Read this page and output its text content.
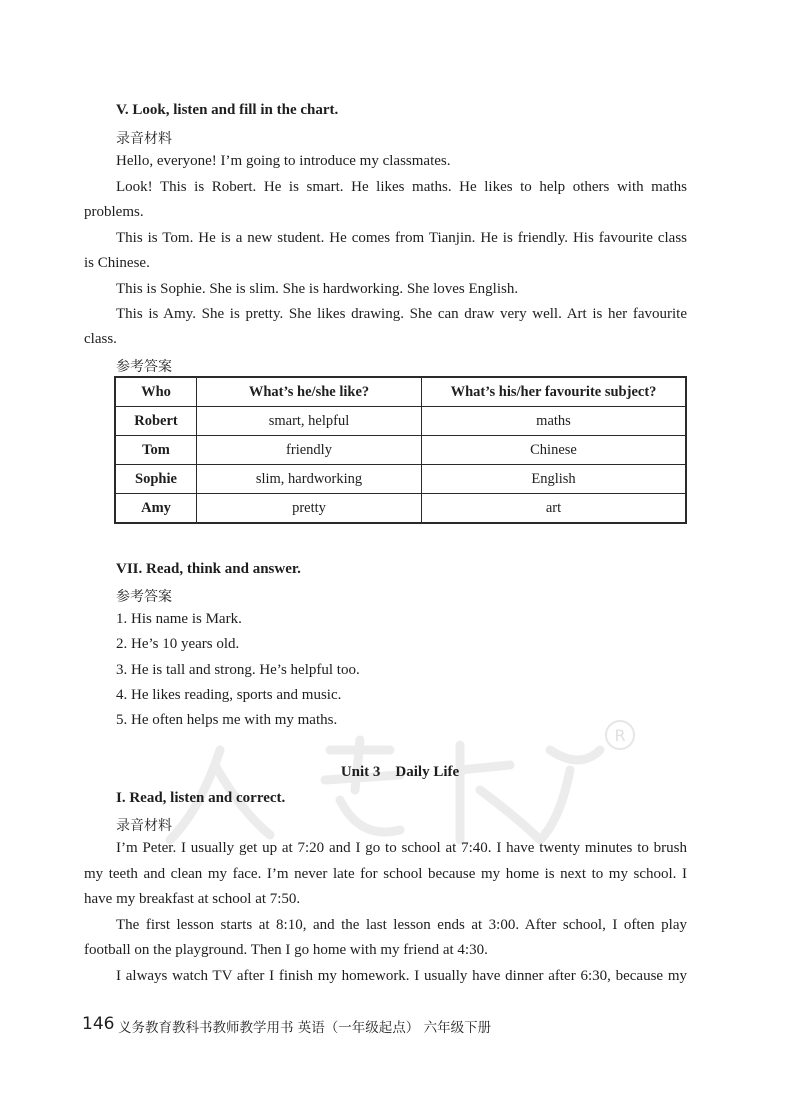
R
V. Look, listen and fill in the chart.
录音材料
Hello, everyone! I’m going to introduce my classmates.
Look! This is Robert. He is smart. He likes maths. He likes to help others with maths
problems.
This is Tom. He is a new student. He comes from Tianjin. He is friendly. His favourite class
is Chinese.
This is Sophie. She is slim. She is hardworking. She loves English.
This is Amy. She is pretty. She likes drawing. She can draw very well. Art is her favourite
class.
参考答案
Who	What’s he/she like?	What’s his/her favourite subject?
Robert	smart, helpful	maths
Tom	friendly	Chinese
Sophie	slim, hardworking	English
Amy	pretty	art
VII. Read, think and answer.
参考答案
1. His name is Mark.
2. He’s 10 years old.
3. He is tall and strong. He’s helpful too.
4. He likes reading, sports and music.
5. He often helps me with my maths.
Unit 3    Daily Life
I. Read, listen and correct.
录音材料
I’m Peter. I usually get up at 7:20 and I go to school at 7:40. I have twenty minutes to brush
my teeth and clean my face. I’m never late for school because my home is next to my school. I
have my breakfast at school at 7:50.
The first lesson starts at 8:10, and the last lesson ends at 3:00. After school, I often play
football on the playground. Then I go home with my friend at 4:30.
I always watch TV after I finish my homework. I usually have dinner after 6:30, because my
146 义务教育教科书教师教学用书 英语（一年级起点） 六年级下册
